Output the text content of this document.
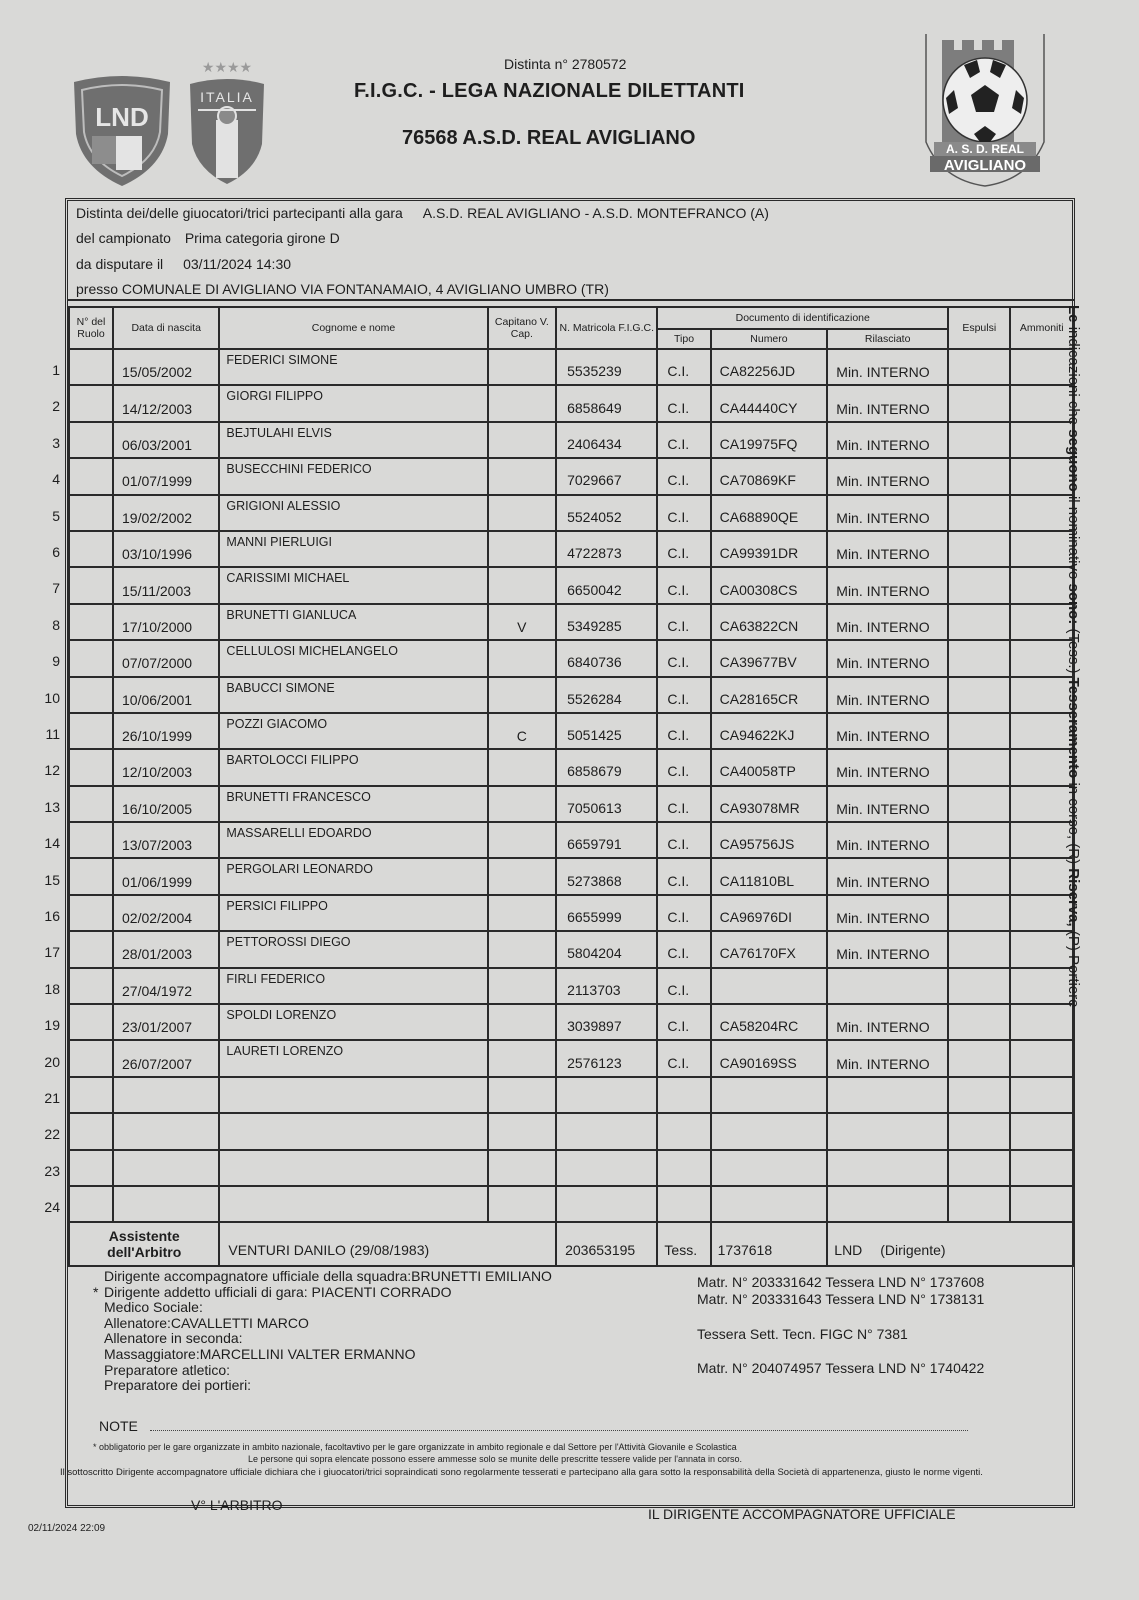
LND
★★★★
ITALIA
A. S. D. REAL
AVIGLIANO
Distinta n° 2780572
F.I.G.C. - LEGA NAZIONALE DILETTANTI
76568 A.S.D. REAL AVIGLIANO
Distinta dei/delle giuocatori/trici partecipanti alla gara A.S.D. REAL AVIGLIANO - A.S.D. MONTEFRANCO (A)
del campionato Prima categoria girone D
da disputare il 03/11/2024 14:30
presso COMUNALE DI AVIGLIANO VIA FONTANAMAIO, 4 AVIGLIANO UMBRO (TR)
N° del Ruolo	Data di nascita	Cognome e nome	Capitano V. Cap.	N. Matricola F.I.G.C.	Documento di identificazione			Espulsi	Ammoniti
					Tipo	Numero	Rilasciato		
	15/05/2002	FEDERICI SIMONE		5535239	C.I.	CA82256JD	Min. INTERNO		
	14/12/2003	GIORGI FILIPPO		6858649	C.I.	CA44440CY	Min. INTERNO		
	06/03/2001	BEJTULAHI ELVIS		2406434	C.I.	CA19975FQ	Min. INTERNO		
	01/07/1999	BUSECCHINI FEDERICO		7029667	C.I.	CA70869KF	Min. INTERNO		
	19/02/2002	GRIGIONI ALESSIO		5524052	C.I.	CA68890QE	Min. INTERNO		
	03/10/1996	MANNI PIERLUIGI		4722873	C.I.	CA99391DR	Min. INTERNO		
	15/11/2003	CARISSIMI MICHAEL		6650042	C.I.	CA00308CS	Min. INTERNO		
	17/10/2000	BRUNETTI GIANLUCA	V	5349285	C.I.	CA63822CN	Min. INTERNO		
	07/07/2000	CELLULOSI MICHELANGELO		6840736	C.I.	CA39677BV	Min. INTERNO		
	10/06/2001	BABUCCI SIMONE		5526284	C.I.	CA28165CR	Min. INTERNO		
	26/10/1999	POZZI GIACOMO	C	5051425	C.I.	CA94622KJ	Min. INTERNO		
	12/10/2003	BARTOLOCCI FILIPPO		6858679	C.I.	CA40058TP	Min. INTERNO		
	16/10/2005	BRUNETTI FRANCESCO		7050613	C.I.	CA93078MR	Min. INTERNO		
	13/07/2003	MASSARELLI EDOARDO		6659791	C.I.	CA95756JS	Min. INTERNO		
	01/06/1999	PERGOLARI LEONARDO		5273868	C.I.	CA11810BL	Min. INTERNO		
	02/02/2004	PERSICI FILIPPO		6655999	C.I.	CA96976DI	Min. INTERNO		
	28/01/2003	PETTOROSSI DIEGO		5804204	C.I.	CA76170FX	Min. INTERNO		
	27/04/1972	FIRLI FEDERICO		2113703	C.I.				
	23/01/2007	SPOLDI LORENZO		3039897	C.I.	CA58204RC	Min. INTERNO		
	26/07/2007	LAURETI LORENZO		2576123	C.I.	CA90169SS	Min. INTERNO		

Assistente
dell'Arbitro		VENTURI DANILO (29/08/1983)		203653195	Tess.	1737618	LND (Dirigente)		
1
2
3
4
5
6
7
8
9
10
11
12
13
14
15
16
17
18
19
20
21
22
23
24
Dirigente accompagnatore ufficiale della squadra:BRUNETTI EMILIANO
* Dirigente addetto ufficiali di gara: PIACENTI CORRADO
Medico Sociale:
Allenatore:CAVALLETTI MARCO
Allenatore in seconda:
Massaggiatore:MARCELLINI VALTER ERMANNO
Preparatore atletico:
Preparatore dei portieri:
Matr. N° 203331642 Tessera LND N° 1737608
Matr. N° 203331643 Tessera LND N° 1738131
Tessera Sett. Tecn. FIGC N° 7381
Matr. N° 204074957 Tessera LND N° 1740422
NOTE
* obbligatorio per le gare organizzate in ambito nazionale, facoltavtivo per le gare organizzate in ambito regionale e dal Settore per l'Attività Giovanile e Scolastica
Le persone qui sopra elencate possono essere ammesse solo se munite delle prescritte tessere valide per l'annata in corso.
Il sottoscritto Dirigente accompagnatore ufficiale dichiara che i giuocatori/trici sopraindicati sono regolarmente tesserati e partecipano alla gara sotto la responsabilità della Società di appartenenza, giusto le norme vigenti.
V° L'ARBITRO
IL DIRIGENTE ACCOMPAGNATORE UFFICIALE
02/11/2024 22:09
Le indicazioni che seguono il nominativo sono: (Tess.) Tesseramento in corso, (R) Riserva, (P) Portiere
